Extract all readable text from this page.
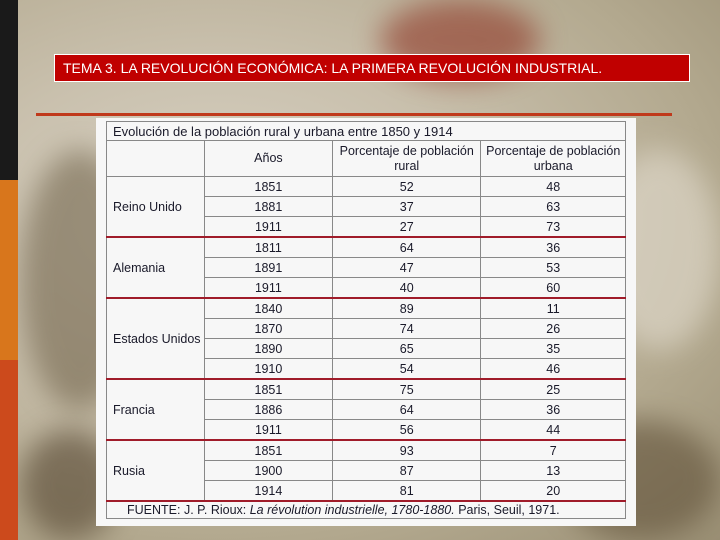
TEMA 3. LA REVOLUCIÓN ECONÓMICA: LA PRIMERA REVOLUCIÓN INDUSTRIAL.
Evolución de la población rural y urbana entre 1850 y 1914			
	Años	Porcentaje de población rural	Porcentaje de población urbana
Reino Unido	1851	52	48
	1881	37	63
	1911	27	73
Alemania	1811	64	36
	1891	47	53
	1911	40	60
Estados Unidos	1840	89	11
	1870	74	26
	1890	65	35
	1910	54	46
Francia	1851	75	25
	1886	64	36
	1911	56	44
Rusia	1851	93	7
	1900	87	13
	1914	81	20
FUENTE: J. P. Rioux: La révolution industrielle, 1780-1880. Paris, Seuil, 1971.			
